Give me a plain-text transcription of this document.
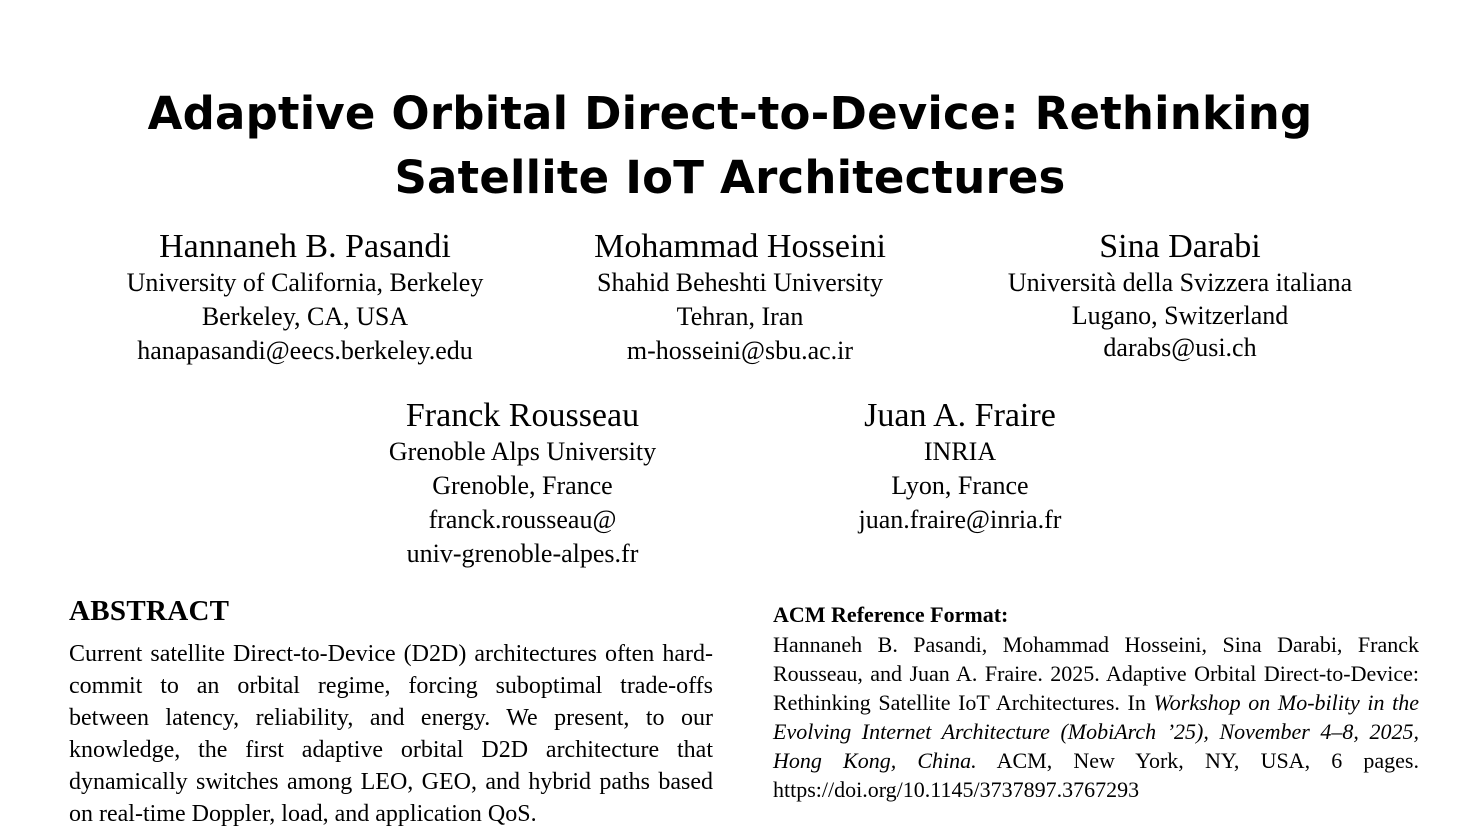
Adaptive Orbital Direct-to-Device: Rethinking
Satellite IoT Architectures
Hannaneh B. Pasandi
University of California, Berkeley
Berkeley, CA, USA
hanapasandi@eecs.berkeley.edu
Mohammad Hosseini
Shahid Beheshti University
Tehran, Iran
m-hosseini@sbu.ac.ir
Sina Darabi
Università della Svizzera italiana
Lugano, Switzerland
darabs@usi.ch
Franck Rousseau
Grenoble Alps University
Grenoble, France
franck.rousseau@
univ-grenoble-alpes.fr
Juan A. Fraire
INRIA
Lyon, France
juan.fraire@inria.fr
ABSTRACT
Current satellite Direct-to-Device (D2D) architectures often hard-commit to an orbital regime, forcing suboptimal trade-offs between latency, reliability, and energy. We present, to our knowledge, the first adaptive orbital D2D architecture that dynamically switches among LEO, GEO, and hybrid paths based on real-time Doppler, load, and application QoS.
ACM Reference Format:
Hannaneh B. Pasandi, Mohammad Hosseini, Sina Darabi, Franck Rousseau, and Juan A. Fraire. 2025. Adaptive Orbital Direct-to-Device: Rethinking Satellite IoT Architectures. In Workshop on Mo-bility in the Evolving Internet Architecture (MobiArch ’25), November 4–8, 2025, Hong Kong, China. ACM, New York, NY, USA, 6 pages. https://doi.org/10.1145/3737897.3767293
